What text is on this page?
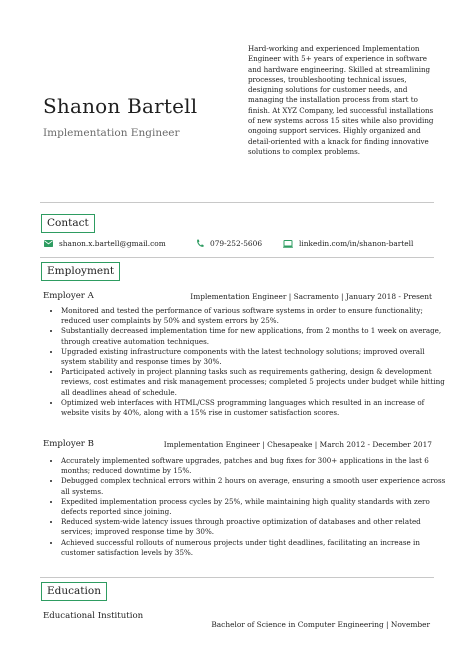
Shanon Bartell
Implementation Engineer
Hard-working and experienced Implementation Engineer with 5+ years of experience in software and hardware engineering. Skilled at streamlining processes, troubleshooting technical issues, designing solutions for customer needs, and managing the installation process from start to finish. At XYZ Company, led successful installations of new systems across 15 sites while also providing ongoing support services. Highly organized and detail-oriented with a knack for finding innovative solutions to complex problems.
Contact
shanon.x.bartell@gmail.com	079-252-5606	linkedin.com/in/shanon-bartell
Employment
Employer A	Implementation Engineer | Sacramento | January 2018 - Present
• Monitored and tested the performance of various software systems in order to ensure functionality; reduced user complaints by 50% and system errors by 25%.
• Substantially decreased implementation time for new applications, from 2 months to 1 week on average, through creative automation techniques.
• Upgraded existing infrastructure components with the latest technology solutions; improved overall system stability and response times by 30%.
• Participated actively in project planning tasks such as requirements gathering, design & development reviews, cost estimates and risk management processes; completed 5 projects under budget while hitting all deadlines ahead of schedule.
• Optimized web interfaces with HTML/CSS programming languages which resulted in an increase of website visits by 40%, along with a 15% rise in customer satisfaction scores.
Employer B	Implementation Engineer | Chesapeake | March 2012 - December 2017
• Accurately implemented software upgrades, patches and bug fixes for 300+ applications in the last 6 months; reduced downtime by 15%.
• Debugged complex technical errors within 2 hours on average, ensuring a smooth user experience across all systems.
• Expedited implementation process cycles by 25%, while maintaining high quality standards with zero defects reported since joining.
• Reduced system-wide latency issues through proactive optimization of databases and other related services; improved response time by 30%.
• Achieved successful rollouts of numerous projects under tight deadlines, facilitating an increase in customer satisfaction levels by 35%.
Education
Educational Institution
Bachelor of Science in Computer Engineering | November
